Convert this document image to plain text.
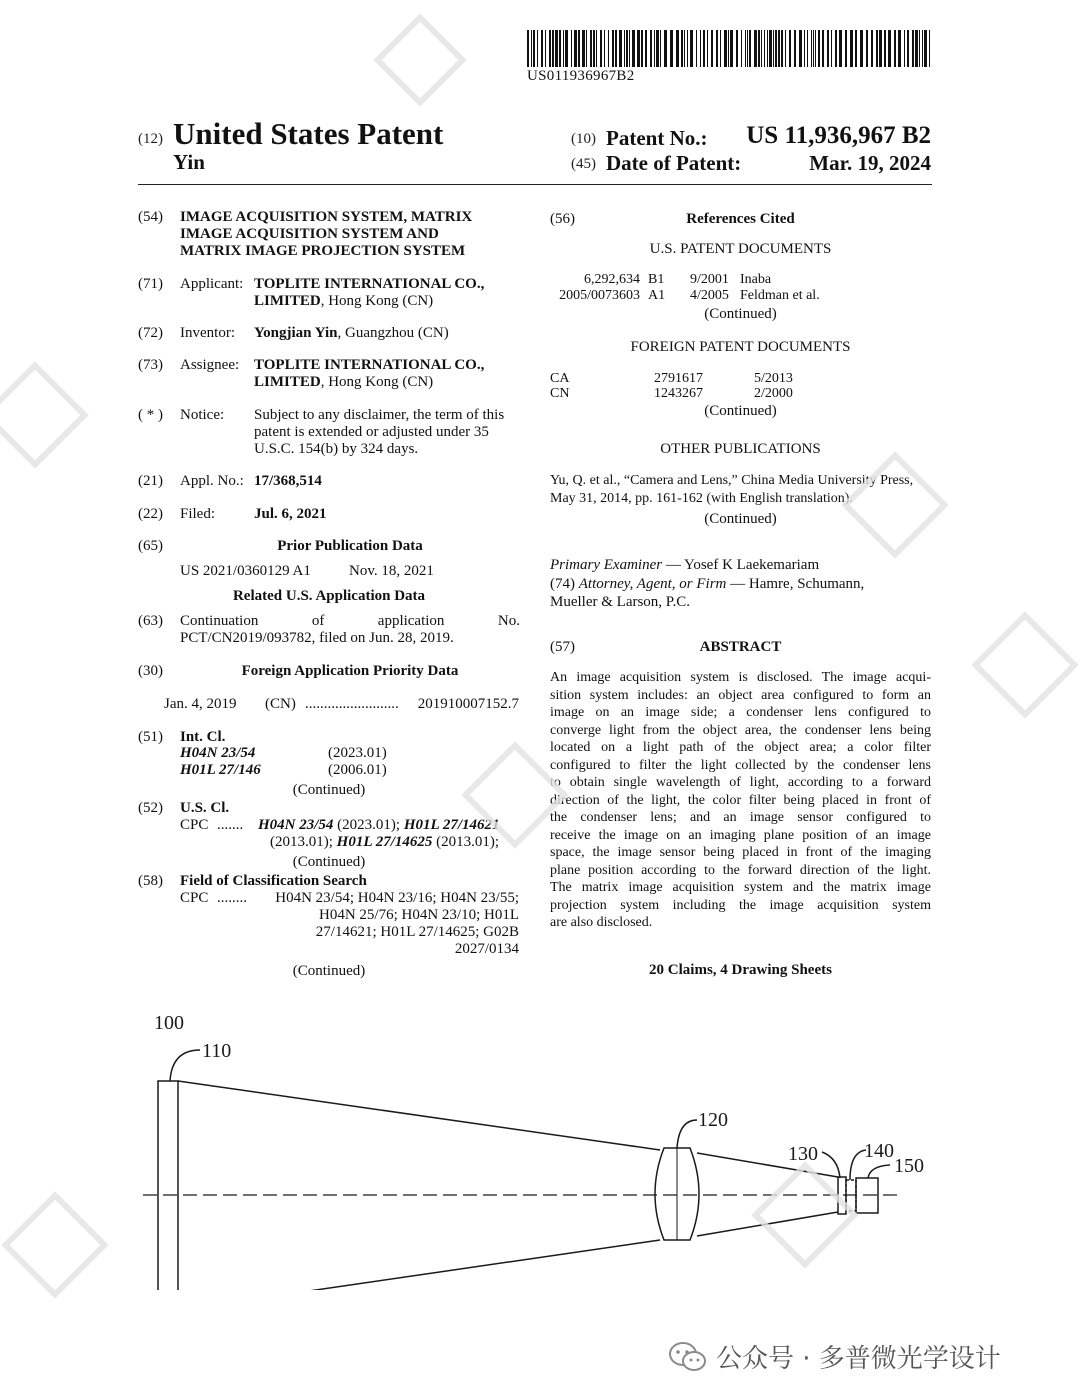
US011936967B2
(12) United States Patent
Yin
(10) Patent No.:	US 11,936,967 B2
(45) Date of Patent:	Mar. 19, 2024
(54) IMAGE ACQUISITION SYSTEM, MATRIX
IMAGE ACQUISITION SYSTEM AND
MATRIX IMAGE PROJECTION SYSTEM
(71) Applicant: TOPLITE INTERNATIONAL CO.,
LIMITED, Hong Kong (CN)
(72) Inventor: Yongjian Yin, Guangzhou (CN)
(73) Assignee: TOPLITE INTERNATIONAL CO.,
LIMITED, Hong Kong (CN)
( * ) Notice: Subject to any disclaimer, the term of this
patent is extended or adjusted under 35
U.S.C. 154(b) by 324 days.
(21) Appl. No.: 17/368,514
(22) Filed:	Jul. 6, 2021
(65)	Prior Publication Data
US 2021/0360129 A1	Nov. 18, 2021
Related U.S. Application Data
(63) Continuation	of	application	No.
PCT/CN2019/093782, filed on Jun. 28, 2019.
(30)	Foreign Application Priority Data
Jan. 4, 2019 (CN) .........................	201910007152.7
(51) Int. Cl.
H04N 23/54	(2023.01)
H01L 27/146	(2006.01)
(Continued)
(52) U.S. Cl.
CPC ....... H04N 23/54 (2023.01); H01L 27/14621
(2013.01); H01L 27/14625 (2013.01);
(Continued)
(58) Field of Classification Search
CPC ........	H04N 23/54; H04N 23/16; H04N 23/55;
H04N 25/76; H04N 23/10; H01L
27/14621; H01L 27/14625; G02B
2027/0134
(Continued)
(56)	References Cited
U.S. PATENT DOCUMENTS
6,292,634 B1 9/2001 Inaba
2005/0073603 A1 4/2005 Feldman et al.
(Continued)
FOREIGN PATENT DOCUMENTS
CA	2791617	5/2013
CN	1243267	2/2000
(Continued)
OTHER PUBLICATIONS
Yu, Q. et al., “Camera and Lens,” China Media University Press,
May 31, 2014, pp. 161-162 (with English translation).
(Continued)
Primary Examiner — Yosef K Laekemariam
(74) Attorney, Agent, or Firm — Hamre, Schumann,
Mueller & Larson, P.C.
(57)	ABSTRACT
An image acquisition system is disclosed. The image acqui-
sition system includes: an object area configured to form an
image on an image side; a condenser lens configured to
converge light from the object area, the condenser lens being
located on a light path of the object area; a color filter
configured to filter the light collected by the condenser lens
to obtain single wavelength of light, according to a forward
direction of the light, the color filter being placed in front of
the condenser lens; and an image sensor configured to
receive the image on an imaging plane position of an image
space, the image sensor being placed in front of the imaging
plane position according to the forward direction of the light.
The matrix image acquisition system and the matrix image
projection system including the image acquisition system
are also disclosed.
20 Claims, 4 Drawing Sheets
100
110
120
130 140
150
公众号 · 多普微光学设计
